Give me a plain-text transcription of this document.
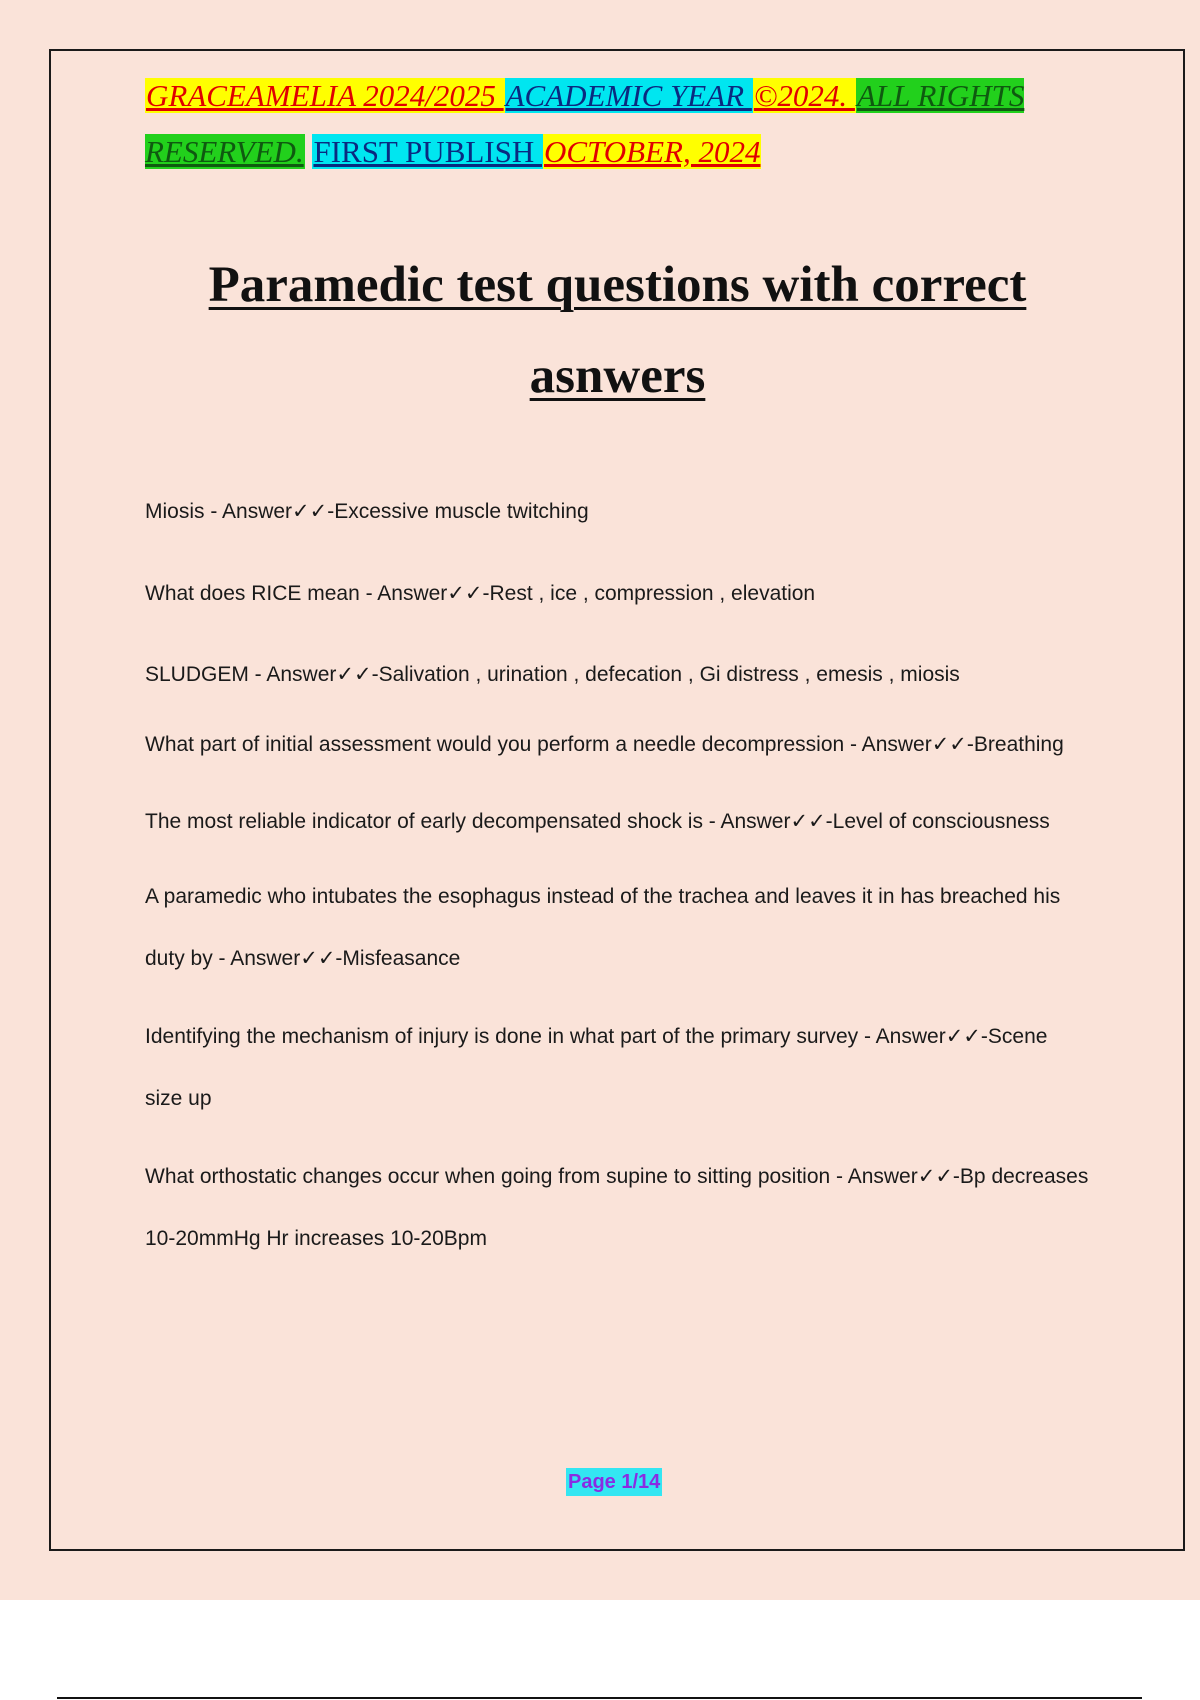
GRACEAMELIA 2024/2025 ACADEMIC YEAR ©2024. ALL RIGHTS RESERVED. FIRST PUBLISH OCTOBER, 2024
Paramedic test questions with correct asnwers

Miosis - Answer✓✓-Excessive muscle twitching

What does RICE mean - Answer✓✓-Rest , ice , compression , elevation

SLUDGEM - Answer✓✓-Salivation , urination , defecation , Gi distress , emesis , miosis

What part of initial assessment would you perform a needle decompression - Answer✓✓-Breathing

The most reliable indicator of early decompensated shock is - Answer✓✓-Level of consciousness

A paramedic who intubates the esophagus instead of the trachea and leaves it in has breached his duty by - Answer✓✓-Misfeasance

Identifying the mechanism of injury is done in what part of the primary survey - Answer✓✓-Scene size up

What orthostatic changes occur when going from supine to sitting position - Answer✓✓-Bp decreases 10-20mmHg Hr increases 10-20Bpm

Page 1/14
